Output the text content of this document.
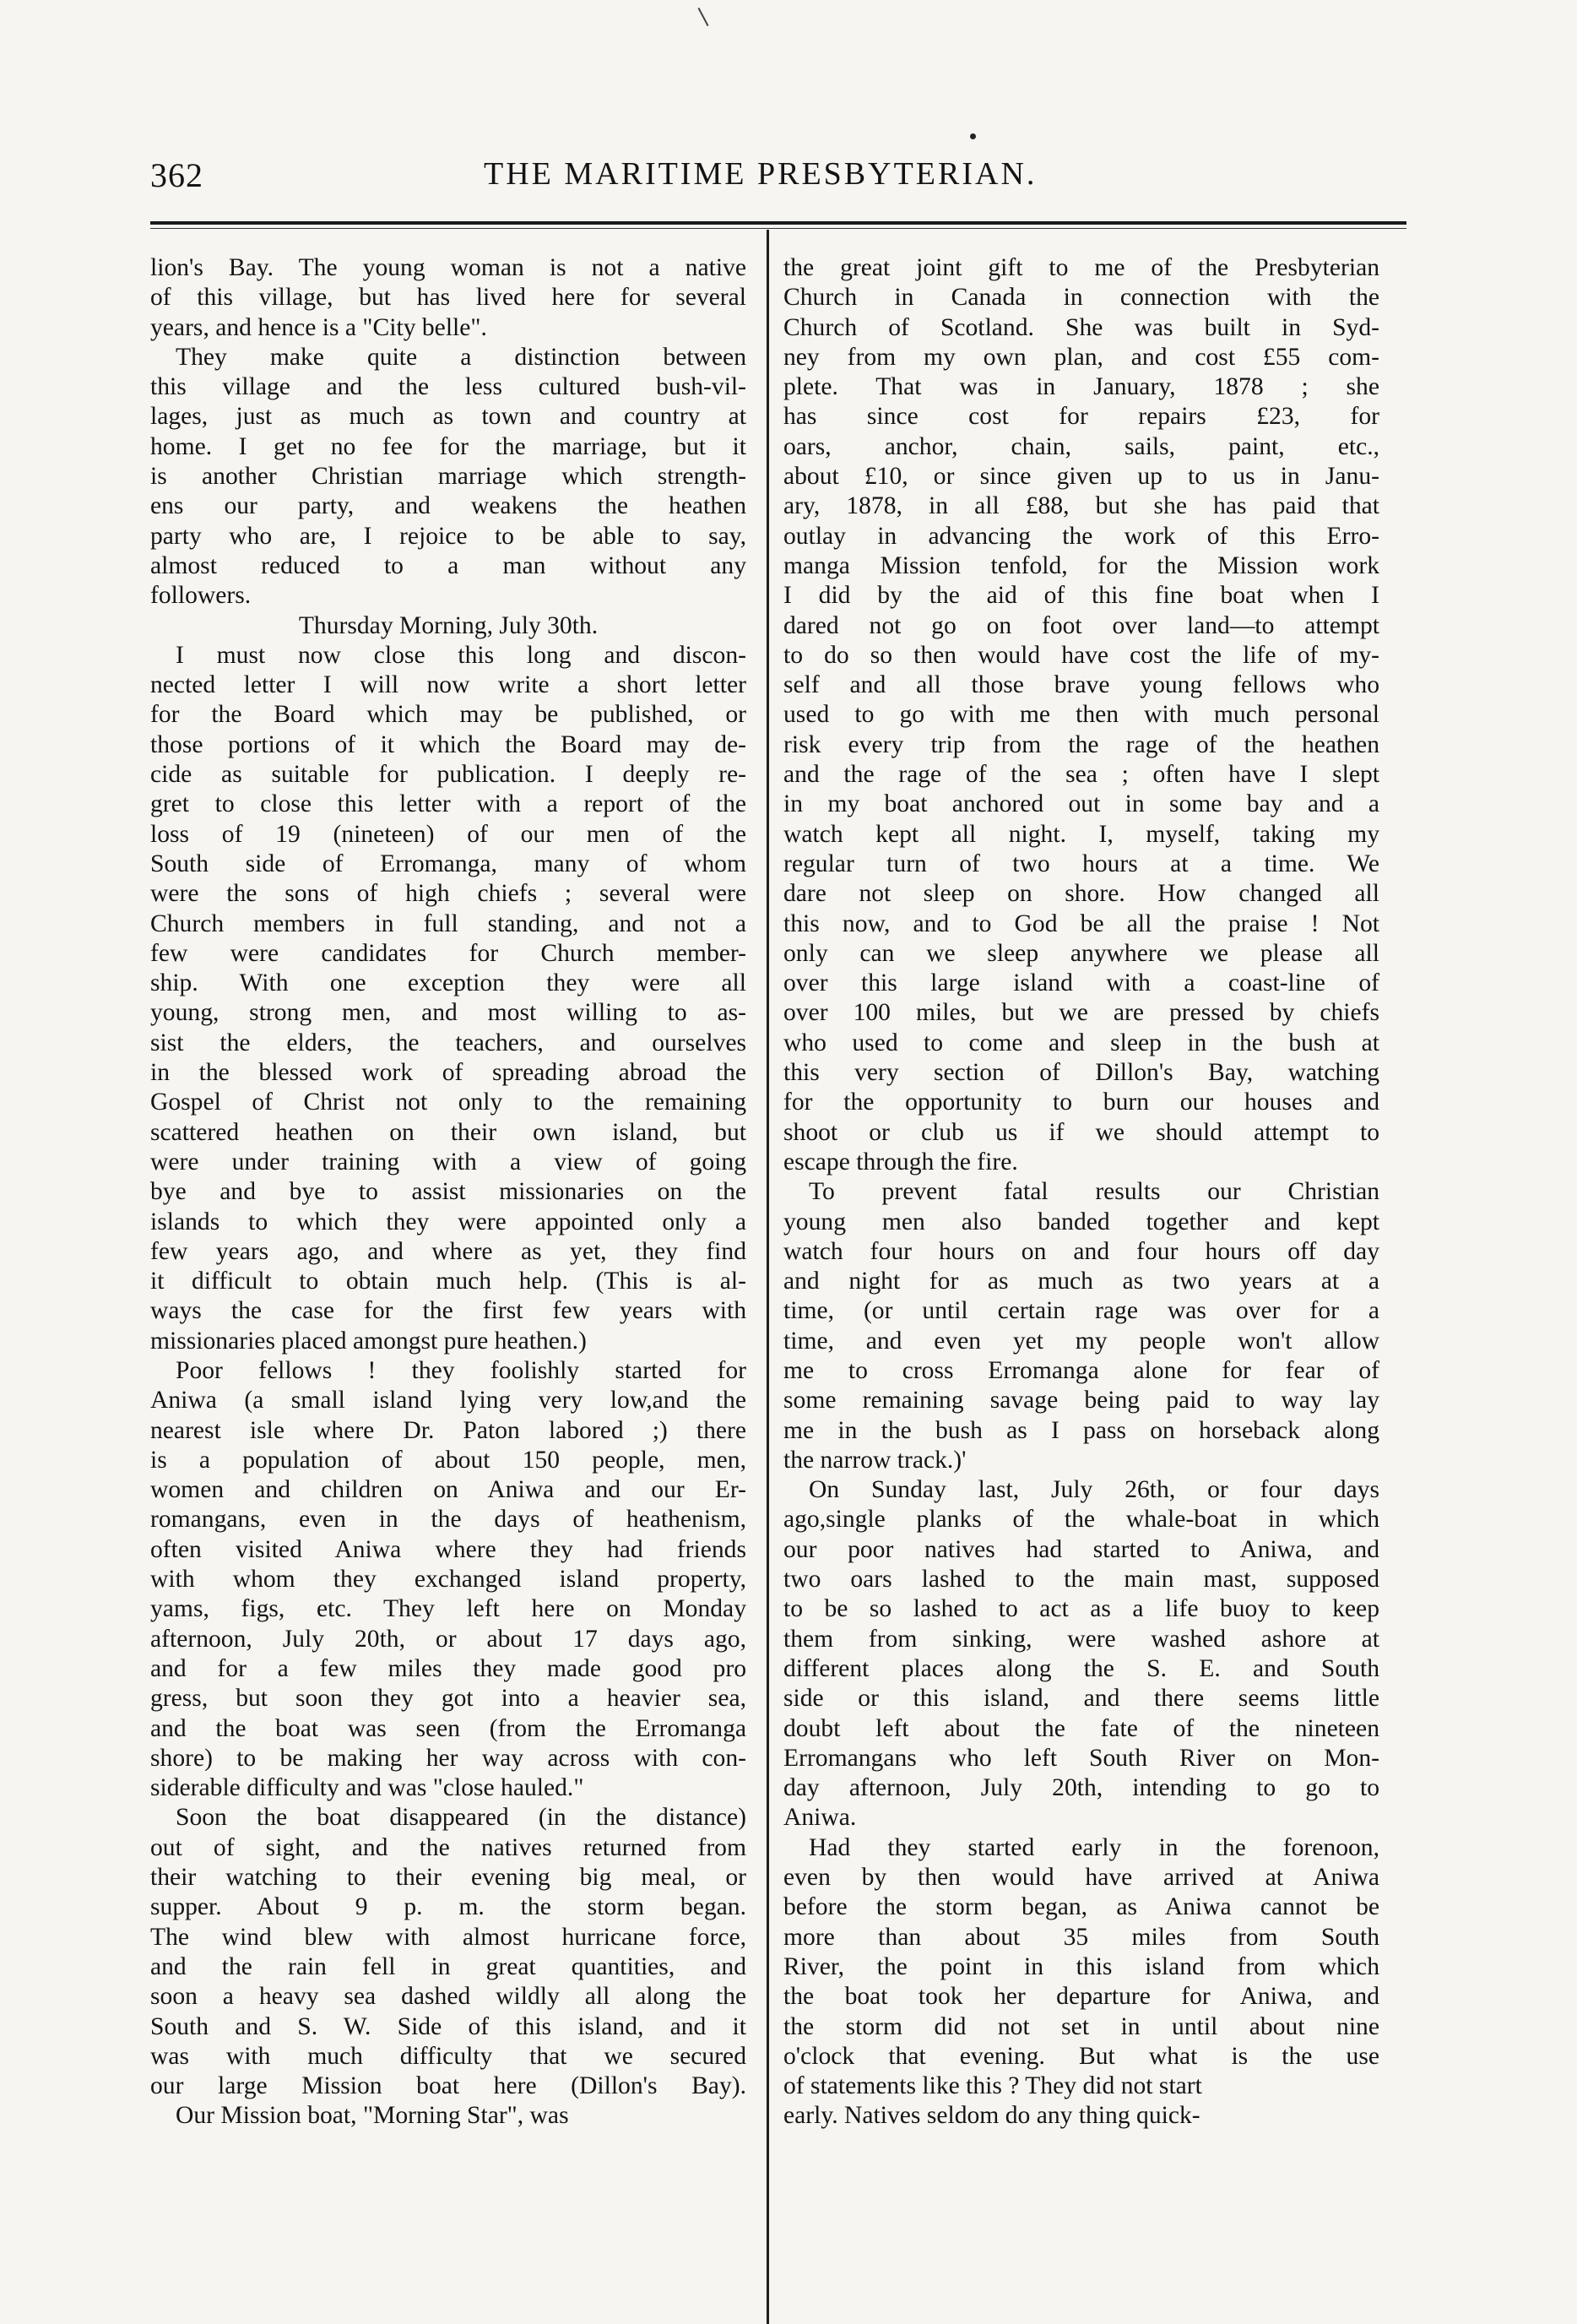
362	THE MARITIME PRESBYTERIAN.
lion's Bay. The young woman is not a native
of this village, but has lived here for several
years, and hence is a "City belle".
They make quite a distinction between
this village and the less cultured bush-vil-
lages, just as much as town and country at
home. I get no fee for the marriage, but it
is another Christian marriage which strength-
ens our party, and weakens the heathen
party who are, I rejoice to be able to say,
almost reduced to a man without any
followers.
Thursday Morning, July 30th.
I must now close this long and discon-
nected letter I will now write a short letter
for the Board which may be published, or
those portions of it which the Board may de-
cide as suitable for publication. I deeply re-
gret to close this letter with a report of the
loss of 19 (nineteen) of our men of the
South side of Erromanga, many of whom
were the sons of high chiefs ; several were
Church members in full standing, and not a
few were candidates for Church member-
ship. With one exception they were all
young, strong men, and most willing to as-
sist the elders, the teachers, and ourselves
in the blessed work of spreading abroad the
Gospel of Christ not only to the remaining
scattered heathen on their own island, but
were under training with a view of going
bye and bye to assist missionaries on the
islands to which they were appointed only a
few years ago, and where as yet, they find
it difficult to obtain much help. (This is al-
ways the case for the first few years with
missionaries placed amongst pure heathen.)
Poor fellows ! they foolishly started for
Aniwa (a small island lying very low,and the
nearest isle where Dr. Paton labored ;) there
is a population of about 150 people, men,
women and children on Aniwa and our Er-
romangans, even in the days of heathenism,
often visited Aniwa where they had friends
with whom they exchanged island property,
yams, figs, etc. They left here on Monday
afternoon, July 20th, or about 17 days ago,
and for a few miles they made good pro
gress, but soon they got into a heavier sea,
and the boat was seen (from the Erromanga
shore) to be making her way across with con-
siderable difficulty and was "close hauled."
Soon the boat disappeared (in the distance)
out of sight, and the natives returned from
their watching to their evening big meal, or
supper. About 9 p. m. the storm began.
The wind blew with almost hurricane force,
and the rain fell in great quantities, and
soon a heavy sea dashed wildly all along the
South and S. W. Side of this island, and it
was with much difficulty that we secured
our large Mission boat here (Dillon's Bay).
Our Mission boat, "Morning Star", was
the great joint gift to me of the Presbyterian
Church in Canada in connection with the
Church of Scotland. She was built in Syd-
ney from my own plan, and cost £55 com-
plete. That was in January, 1878 ; she
has since cost for repairs £23, for
oars, anchor, chain, sails, paint, etc.,
about £10, or since given up to us in Janu-
ary, 1878, in all £88, but she has paid that
outlay in advancing the work of this Erro-
manga Mission tenfold, for the Mission work
I did by the aid of this fine boat when I
dared not go on foot over land—to attempt
to do so then would have cost the life of my-
self and all those brave young fellows who
used to go with me then with much personal
risk every trip from the rage of the heathen
and the rage of the sea ; often have I slept
in my boat anchored out in some bay and a
watch kept all night. I, myself, taking my
regular turn of two hours at a time. We
dare not sleep on shore. How changed all
this now, and to God be all the praise ! Not
only can we sleep anywhere we please all
over this large island with a coast-line of
over 100 miles, but we are pressed by chiefs
who used to come and sleep in the bush at
this very section of Dillon's Bay, watching
for the opportunity to burn our houses and
shoot or club us if we should attempt to
escape through the fire.
To prevent fatal results our Christian
young men also banded together and kept
watch four hours on and four hours off day
and night for as much as two years at a
time, (or until certain rage was over for a
time, and even yet my people won't allow
me to cross Erromanga alone for fear of
some remaining savage being paid to way lay
me in the bush as I pass on horseback along
the narrow track.)'
On Sunday last, July 26th, or four days
ago,single planks of the whale-boat in which
our poor natives had started to Aniwa, and
two oars lashed to the main mast, supposed
to be so lashed to act as a life buoy to keep
them from sinking, were washed ashore at
different places along the S. E. and South
side or this island, and there seems little
doubt left about the fate of the nineteen
Erromangans who left South River on Mon-
day afternoon, July 20th, intending to go to
Aniwa.
Had they started early in the forenoon,
even by then would have arrived at Aniwa
before the storm began, as Aniwa cannot be
more than about 35 miles from South
River, the point in this island from which
the boat took her departure for Aniwa, and
the storm did not set in until about nine
o'clock that evening. But what is the use
of statements like this ? They did not start
early. Natives seldom do any thing quick-
